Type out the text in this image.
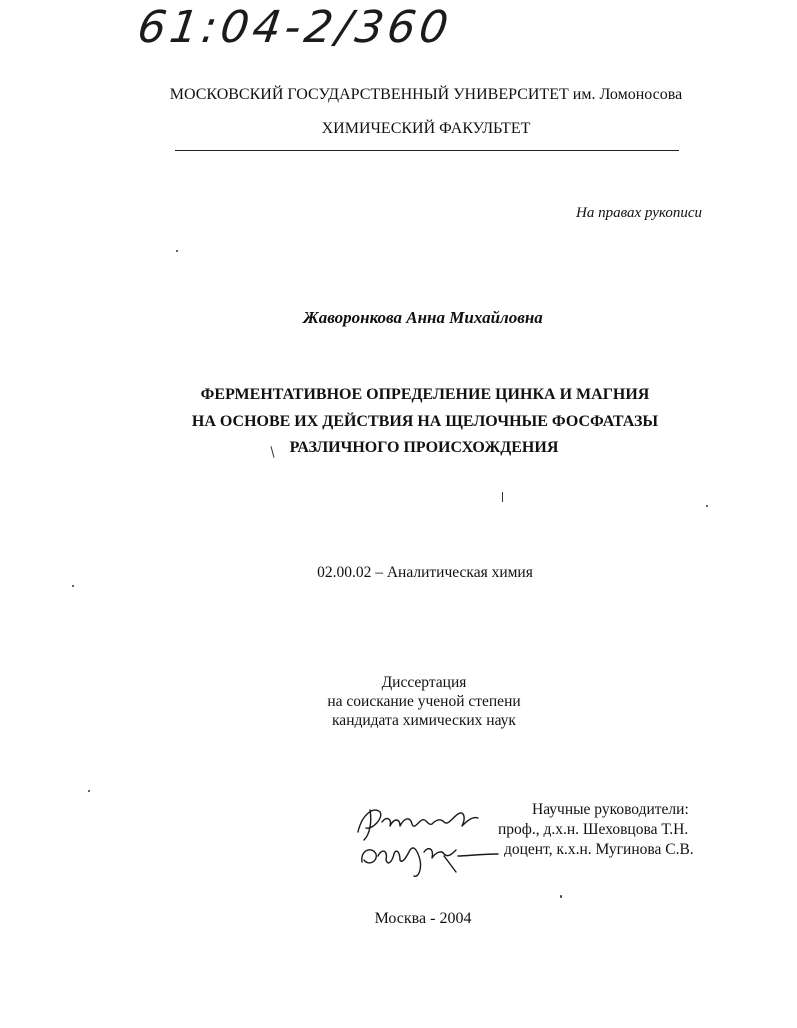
61:04-2/360
МОСКОВСКИЙ ГОСУДАРСТВЕННЫЙ УНИВЕРСИТЕТ им. Ломоносова
ХИМИЧЕСКИЙ ФАКУЛЬТЕТ
На правах рукописи
Жаворонкова Анна Михайловна
ФЕРМЕНТАТИВНОЕ ОПРЕДЕЛЕНИЕ ЦИНКА И МАГНИЯ
НА ОСНОВЕ ИХ ДЕЙСТВИЯ НА ЩЕЛОЧНЫЕ ФОСФАТАЗЫ
РАЗЛИЧНОГО ПРОИСХОЖДЕНИЯ
02.00.02 – Аналитическая химия
Диссертация
на соискание ученой степени
кандидата химических наук
Научные руководители:
проф., д.х.н. Шеховцова Т.Н.
доцент, к.х.н. Мугинова С.В.
Москва - 2004
